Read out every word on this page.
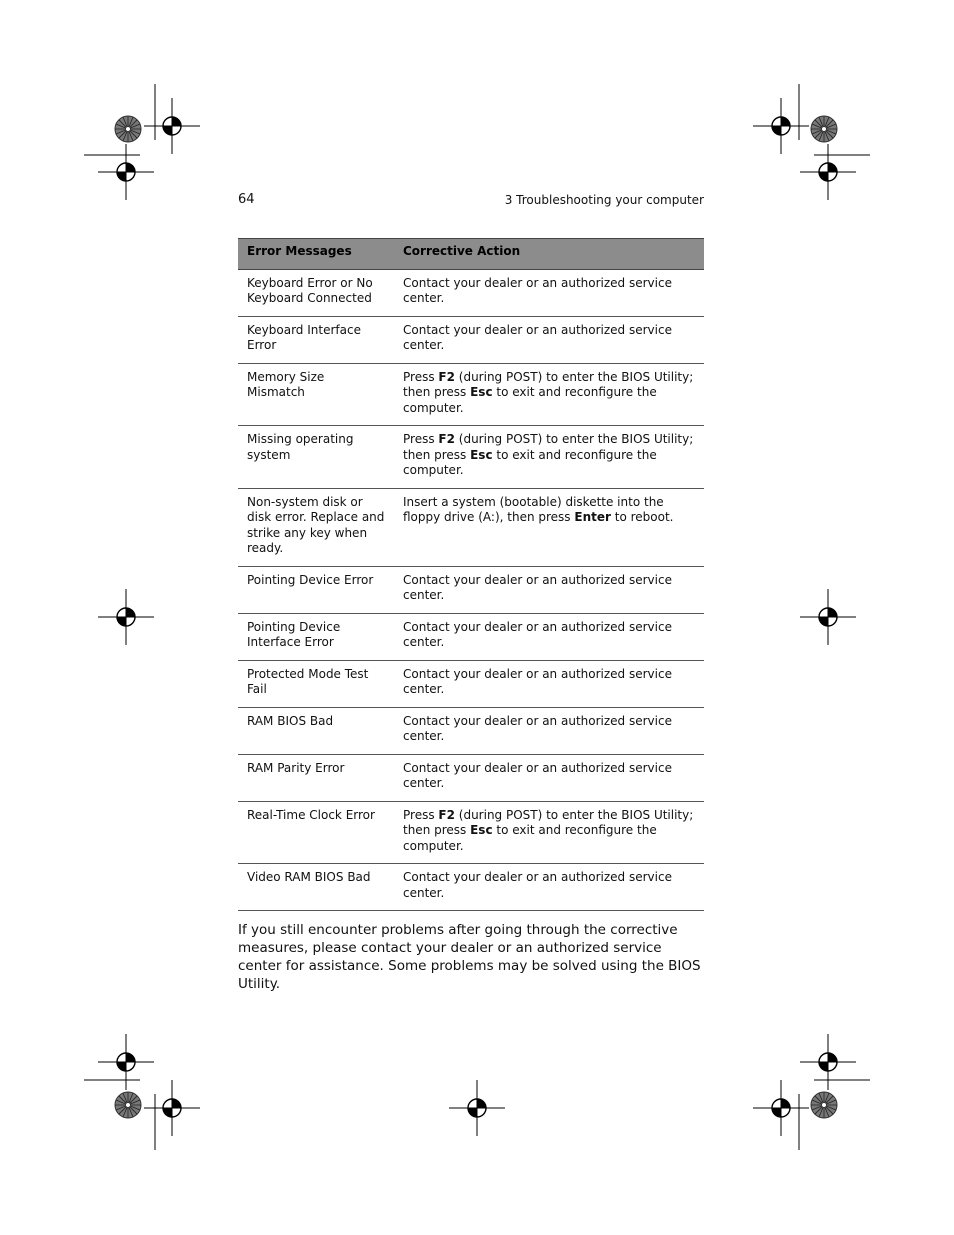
64	3 Troubleshooting your computer
Error Messages	Corrective Action
Keyboard Error or No Keyboard Connected	Contact your dealer or an authorized service center.
Keyboard Interface Error	Contact your dealer or an authorized service center.
Memory Size Mismatch	Press F2 (during POST) to enter the BIOS Utility; then press Esc to exit and reconfigure the computer.
Missing operating system	Press F2 (during POST) to enter the BIOS Utility; then press Esc to exit and reconfigure the computer.
Non-system disk or disk error. Replace and strike any key when ready.	Insert a system (bootable) diskette into the floppy drive (A:), then press Enter to reboot.
Pointing Device Error	Contact your dealer or an authorized service center.
Pointing Device Interface Error	Contact your dealer or an authorized service center.
Protected Mode Test Fail	Contact your dealer or an authorized service center.
RAM BIOS Bad	Contact your dealer or an authorized service center.
RAM Parity Error	Contact your dealer or an authorized service center.
Real-Time Clock Error	Press F2 (during POST) to enter the BIOS Utility; then press Esc to exit and reconfigure the computer.
Video RAM BIOS Bad	Contact your dealer or an authorized service center.
If you still encounter problems after going through the corrective measures, please contact your dealer or an authorized service center for assistance. Some problems may be solved using the BIOS Utility.
